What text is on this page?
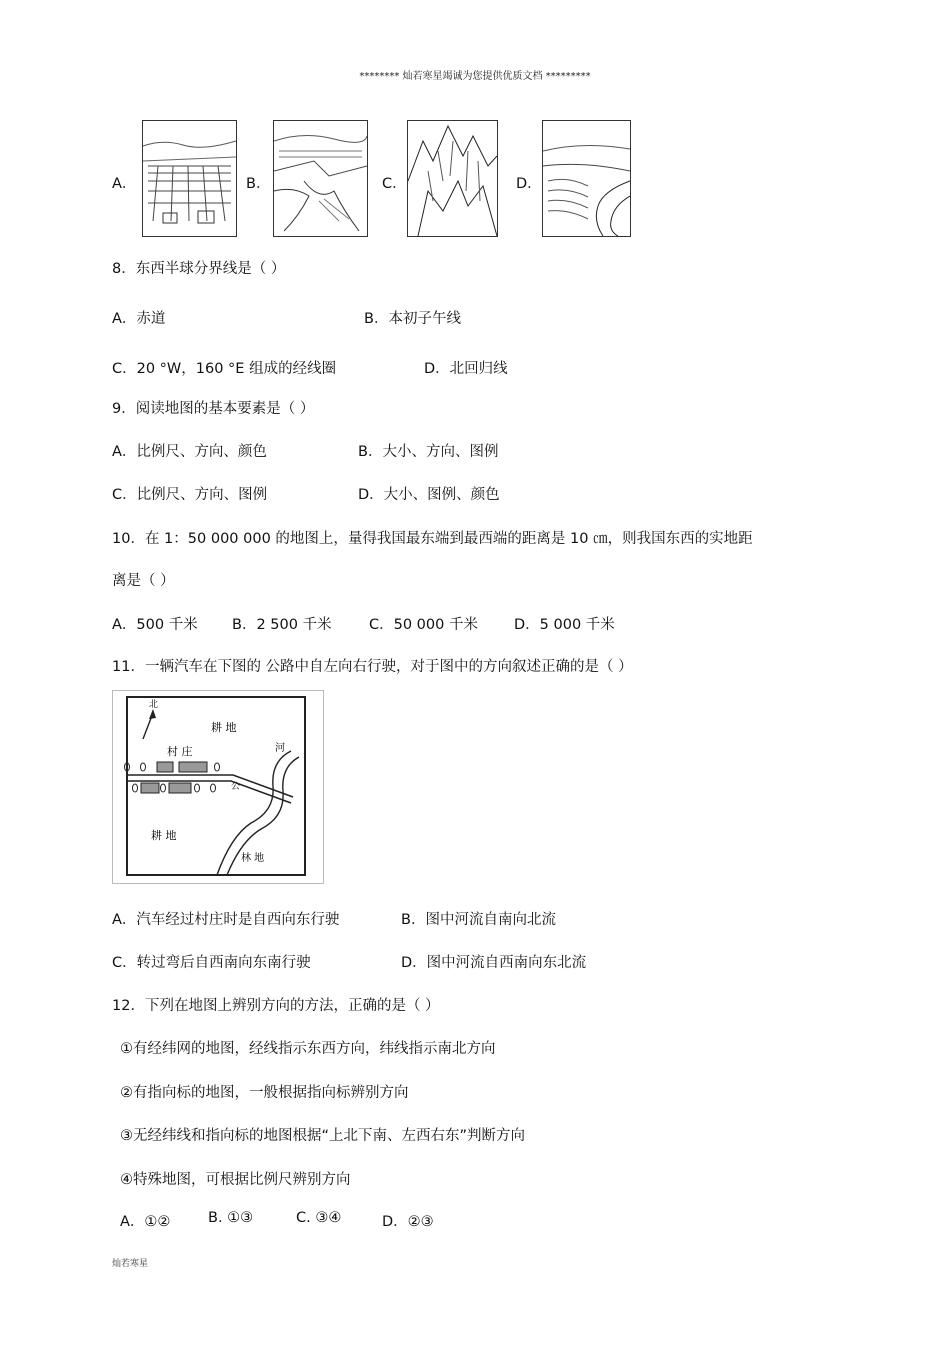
******** 灿若寒星竭诚为您提供优质文档 *********
A．	B．	C．	D．
8．东西半球分界线是（ ）
A．赤道	B．本初子午线
C．20 °W，160 °E 组成的经线圈	D．北回归线
9．阅读地图的基本要素是（ ）
A．比例尺、方向、颜色	B．大小、方向、图例
C．比例尺、方向、图例	D．大小、图例、颜色
10．在 1：50 000 000 的地图上，量得我国最东端到最西端的距离是 10 ㎝，则我国东西的实地距
离是（ ）
A．500 千米 B．2 500 千米	C．50 000 千米 D．5 000 千米
11．一辆汽车在下图的 公路中自左向右行驶，对于图中的方向叙述正确的是（ ）
北
耕 地
村 庄
公
河
耕 地
林 地
A．汽车经过村庄时是自西向东行驶	B．图中河流自南向北流
C．转过弯后自西南向东南行驶	D．图中河流自西南向东北流
12．下列在地图上辨别方向的方法，正确的是（ ）
①有经纬网的地图，经线指示东西方向，纬线指示南北方向
②有指向标的地图，一般根据指向标辨别方向
③无经纬线和指向标的地图根据“上北下南、左西右东”判断方向
④特殊地图，可根据比例尺辨别方向
A．①②	B. ①③	C. ③④	D．②③
灿若寒星
